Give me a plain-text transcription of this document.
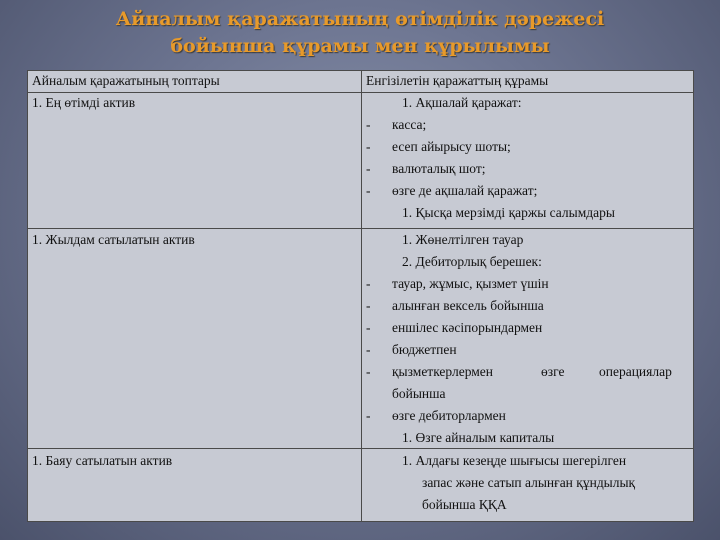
Айналым қаражатының өтімділік дәрежесі
бойынша құрамы мен құрылымы
Айналым қаражатының топтары	Енгізілетін қаражаттың құрамы
1. Ең өтімді актив	1. Ақшалай қаражат:
- касса;
- есеп айырысу шоты;
- валюталық шот;
- өзге де ақшалай қаражат;
1. Қысқа мерзімді қаржы салымдары
1. Жылдам сатылатын актив	1. Жөнелтілген тауар
2. Дебиторлық берешек:
- тауар, жұмыс, қызмет үшін
- алынған вексель бойынша
- еншілес кәсіпорындармен
- бюджетпен
- қызметкерлермен	өзге	операциялар
бойынша
- өзге дебиторлармен
1. Өзге айналым капиталы
1. Баяу сатылатын актив	1. Алдағы кезеңде шығысы шегерілген
запас және сатып алынған құндылық
бойынша ҚҚА
